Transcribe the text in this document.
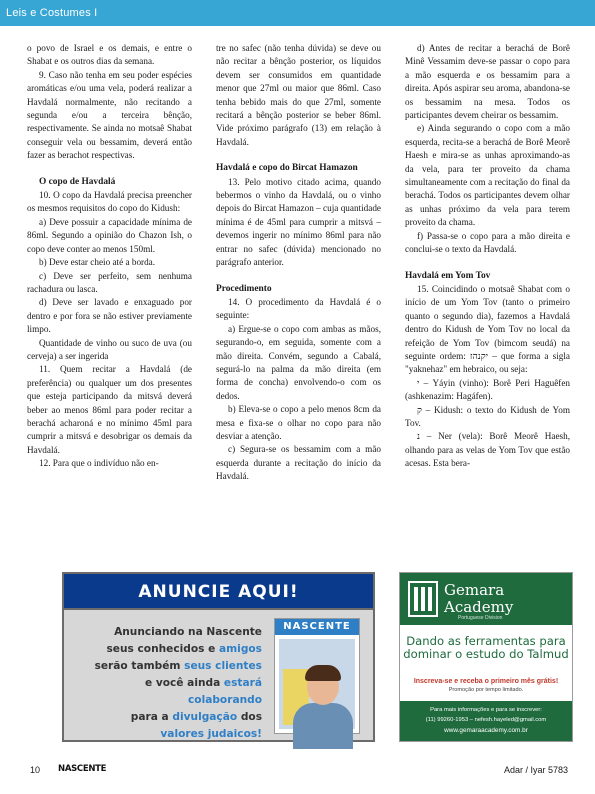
Leis e Costumes I

o povo de Israel e os demais, e entre o Shabat e os outros dias da semana.

9. Caso não tenha em seu poder espécies aromáticas e/ou uma vela, poderá realizar a Havdalá normalmente, não recitando a segunda e/ou a terceira bênção, respectivamente. Se ainda no motsaê Shabat conseguir vela ou bessamim, deverá então fazer as berachot respectivas.

O copo de Havdalá

10. O copo da Havdalá precisa preencher os mesmos requisitos do copo do Kidush:

a) Deve possuir a capacidade mínima de 86ml. Segundo a opinião do Chazon Ish, o copo deve conter ao menos 150ml.

b) Deve estar cheio até a borda.

c) Deve ser perfeito, sem nenhuma rachadura ou lasca.

d) Deve ser lavado e enxaguado por dentro e por fora se não estiver previamente limpo.

Quantidade de vinho ou suco de uva (ou cerveja) a ser ingerida

11. Quem recitar a Havdalá (de preferência) ou qualquer um dos presentes que esteja participando da mitsvá deverá beber ao menos 86ml para poder recitar a berachá acharoná e no mínimo 45ml para cumprir a mitsvá e desobrigar os demais da Havdalá.

12. Para que o indivíduo não en-

tre no safec (não tenha dúvida) se deve ou não recitar a bênção posterior, os líquidos devem ser consumidos em quantidade menor que 27ml ou maior que 86ml. Caso tenha bebido mais do que 27ml, somente recitará a bênção posterior se beber 86ml. Vide próximo parágrafo (13) em relação à Havdalá.

Havdalá e copo do Bircat Hamazon

13. Pelo motivo citado acima, quando bebermos o vinho da Havdalá, ou o vinho depois do Bircat Hamazon – cuja quantidade mínima é de 45ml para cumprir a mitsvá – devemos ingerir no mínimo 86ml para não entrar no safec (dúvida) mencionado no parágrafo anterior.

Procedimento

14. O procedimento da Havdalá é o seguinte:

a) Ergue-se o copo com ambas as mãos, segurando-o, em seguida, somente com a mão direita. Convém, segundo a Cabalá, segurá-lo na palma da mão direita (em forma de concha) envolvendo-o com os dedos.

b) Eleva-se o copo a pelo menos 8cm da mesa e fixa-se o olhar no copo para não desviar a atenção.

c) Segura-se os bessamim com a mão esquerda durante a recitação do início da Havdalá.

d) Antes de recitar a berachá de Borê Minê Vessamim deve-se passar o copo para a mão esquerda e os bessamim para a direita. Após aspirar seu aroma, abandona-se os bessamim na mesa. Todos os participantes devem cheirar os bessamim.

e) Ainda segurando o copo com a mão esquerda, recita-se a berachá de Borê Meorê Haesh e mira-se as unhas aproximando-as da vela, para ter proveito da chama simultaneamente com a recitação do final da berachá. Todos os participantes devem olhar as unhas próximo da vela para terem proveito da chama.

f) Passa-se o copo para a mão direita e conclui-se o texto da Havdalá.

Havdalá em Yom Tov

15. Coincidindo o motsaê Shabat com o início de um Yom Tov (tanto o primeiro quanto o segundo dia), fazemos a Havdalá dentro do Kidush de Yom Tov no local da refeição de Yom Tov (bimcom seudá) na seguinte ordem: יקנהז – que forma a sigla "yaknehaz" em hebraico, ou seja:

י – Yáyin (vinho): Borê Peri Haguêfen (ashkenazim: Hagáfen).

ק – Kidush: o texto do Kidush de Yom Tov.

נ – Ner (vela): Borê Meorê Haesh, olhando para as velas de Yom Tov que estão acesas. Esta bera-

ANUNCIE AQUI!
Anunciando na Nascente
seus conhecidos e amigos
serão também seus clientes
e você ainda estará colaborando
para a divulgação dos
valores judaicos!
NASCENTE
Gemara
Academy
Portuguese Division
Dando as ferramentas para dominar o estudo do Talmud
Inscreva-se e receba o primeiro mês grátis!
Promoção por tempo limitado.
Para mais informações e para se inscrever:
(11) 99260-1953 – nefesh.hayeled@gmail.com
www.gemaraacademy.com.br
10 NASCENTE	Adar / Iyar 5783
